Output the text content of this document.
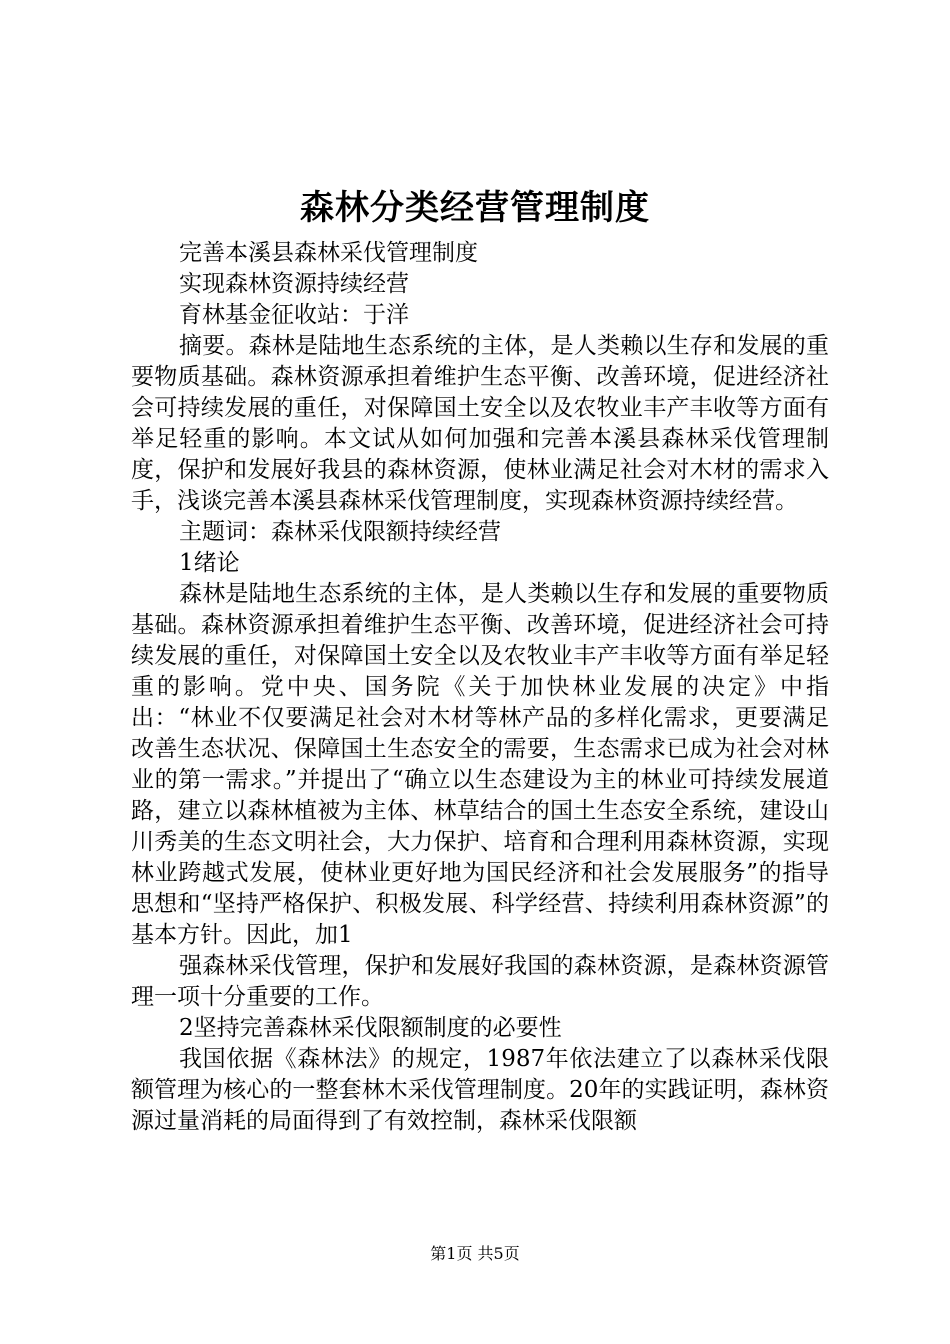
森林分类经营管理制度

完善本溪县森林采伐管理制度

实现森林资源持续经营

育林基金征收站：于洋

摘要。森林是陆地生态系统的主体，是人类赖以生存和发展的重要物质基础。森林资源承担着维护生态平衡、改善环境，促进经济社会可持续发展的重任，对保障国土安全以及农牧业丰产丰收等方面有举足轻重的影响。本文试从如何加强和完善本溪县森林采伐管理制度，保护和发展好我县的森林资源，使林业满足社会对木材的需求入手，浅谈完善本溪县森林采伐管理制度，实现森林资源持续经营。

主题词：森林采伐限额持续经营

1绪论

森林是陆地生态系统的主体，是人类赖以生存和发展的重要物质基础。森林资源承担着维护生态平衡、改善环境，促进经济社会可持续发展的重任，对保障国土安全以及农牧业丰产丰收等方面有举足轻重的影响。党中央、国务院《关于加快林业发展的决定》中指出：“林业不仅要满足社会对木材等林产品的多样化需求，更要满足改善生态状况、保障国土生态安全的需要，生态需求已成为社会对林业的第一需求。”并提出了“确立以生态建设为主的林业可持续发展道路，建立以森林植被为主体、林草结合的国土生态安全系统，建设山川秀美的生态文明社会，大力保护、培育和合理利用森林资源，实现林业跨越式发展，使林业更好地为国民经济和社会发展服务”的指导思想和“坚持严格保护、积极发展、科学经营、持续利用森林资源”的基本方针。因此，加1

强森林采伐管理，保护和发展好我国的森林资源，是森林资源管理一项十分重要的工作。

2坚持完善森林采伐限额制度的必要性

我国依据《森林法》的规定，1987年依法建立了以森林采伐限额管理为核心的一整套林木采伐管理制度。20年的实践证明，森林资源过量消耗的局面得到了有效控制，森林采伐限额

第1页 共5页
